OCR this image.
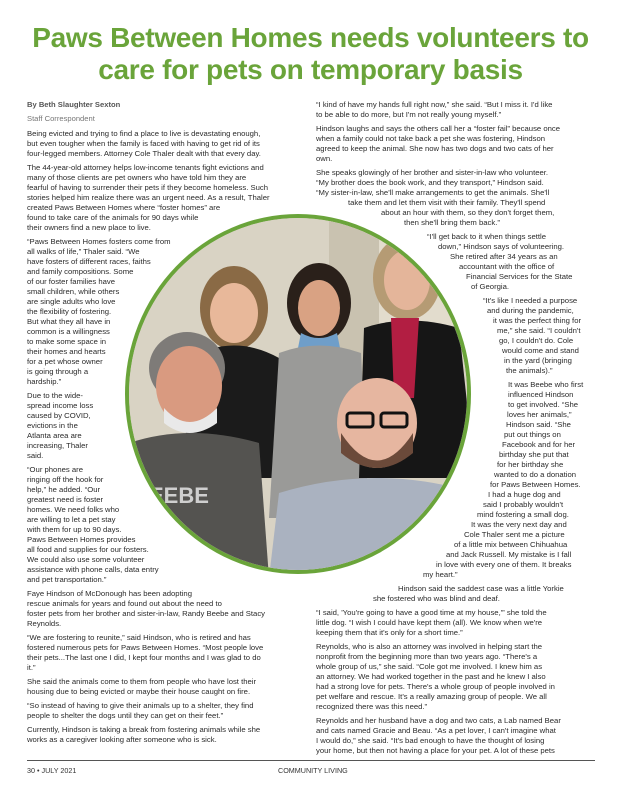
Paws Between Homes needs volunteers to
care for pets on temporary basis
By Beth Slaughter Sexton
Staff Correspondent
EEBE
Being evicted and trying to find a place to live is devastating enough,
but even tougher when the family is faced with having to get rid of its
four-legged members. Attorney Cole Thaler dealt with that every day.
The 44-year-old attorney helps low-income tenants fight evictions and
many of those clients are pet owners who have told him they are
fearful of having to surrender their pets if they become homeless. Such
stories helped him realize there was an urgent need. As a result, Thaler
created Paws Between Homes where “foster homes” are
found to take care of the animals for 90 days while
their owners find a new place to live.
“Paws Between Homes fosters come from
all walks of life,” Thaler said. “We
have fosters of different races, faiths
and family compositions. Some
of our foster families have
small children, while others
are single adults who love
the flexibility of fostering.
But what they all have in
common is a willingness
to make some space in
their homes and hearts
for a pet whose owner
is going through a
hardship.”
Due to the wide-
spread income loss
caused by COVID,
evictions in the
Atlanta area are
increasing, Thaler
said.
“Our phones are
ringing off the hook for
help,” he added. “Our
greatest need is foster
homes. We need folks who
are willing to let a pet stay
with them for up to 90 days.
Paws Between Homes provides
all food and supplies for our fosters.
We could also use some volunteer
assistance with phone calls, data entry
and pet transportation.”
Faye Hindson of McDonough has been adopting
rescue animals for years and found out about the need to
foster pets from her brother and sister-in-law, Randy Beebe and Stacy
Reynolds.
“We are fostering to reunite,” said Hindson, who is retired and has
fostered numerous pets for Paws Between Homes. “Most people love
their pets...The last one I did, I kept four months and I was glad to do
it.”
She said the animals come to them from people who have lost their
housing due to being evicted or maybe their house caught on fire.
“So instead of having to give their animals up to a shelter, they find
people to shelter the dogs until they can get on their feet.”
Currently, Hindson is taking a break from fostering animals while she
works as a caregiver looking after someone who is sick.
“I kind of have my hands full right now,” she said. “But I miss it. I'd like
to be able to do more, but I'm not really young myself.”
Hindson laughs and says the others call her a “foster fail” because once
when a family could not take back a pet she was fostering, Hindson
agreed to keep the animal. She now has two dogs and two cats of her
own.
She speaks glowingly of her brother and sister-in-law who volunteer.
“My brother does the book work, and they transport,” Hindson said.
“My sister-in-law, she'll make arrangements to get the animals. She'll
take them and let them visit with their family. They'll spend
about an hour with them, so they don't forget them,
then she'll bring them back.”
“I'll get back to it when things settle
down,” Hindson says of volunteering.
She retired after 34 years as an
accountant with the office of
Financial Services for the State
of Georgia.
“It's like I needed a purpose
and during the pandemic,
it was the perfect thing for
me,” she said. “I couldn't
go, I couldn't do. Cole
would come and stand
in the yard (bringing
the animals).”
It was Beebe who first
influenced Hindson
to get involved. “She
loves her animals,”
Hindson said. “She
put out things on
Facebook and for her
birthday she put that
for her birthday she
wanted to do a donation
for Paws Between Homes.
I had a huge dog and
said I probably wouldn't
mind fostering a small dog.
It was the very next day and
Cole Thaler sent me a picture
of a little mix between Chihuahua
and Jack Russell. My mistake is I fall
in love with every one of them. It breaks
my heart.”
Hindson said the saddest case was a little Yorkie
she fostered who was blind and deaf.
“I said, 'You're going to have a good time at my house,'” she told the
little dog. “I wish I could have kept them (all). We know when we're
keeping them that it's only for a short time.”
Reynolds, who is also an attorney was involved in helping start the
nonprofit from the beginning more than two years ago. “There's a
whole group of us,” she said. “Cole got me involved. I knew him as
an attorney. We had worked together in the past and he knew I also
had a strong love for pets. There's a whole group of people involved in
pet welfare and rescue. It's a really amazing group of people. We all
recognized there was this need.”
Reynolds and her husband have a dog and two cats, a Lab named Bear
and cats named Gracie and Beau. “As a pet lover, I can't imagine what
I would do,” she said. “It's bad enough to have the thought of losing
your home, but then not having a place for your pet. A lot of these pets
30 • JULY 2021	COMMUNITY LIVING
